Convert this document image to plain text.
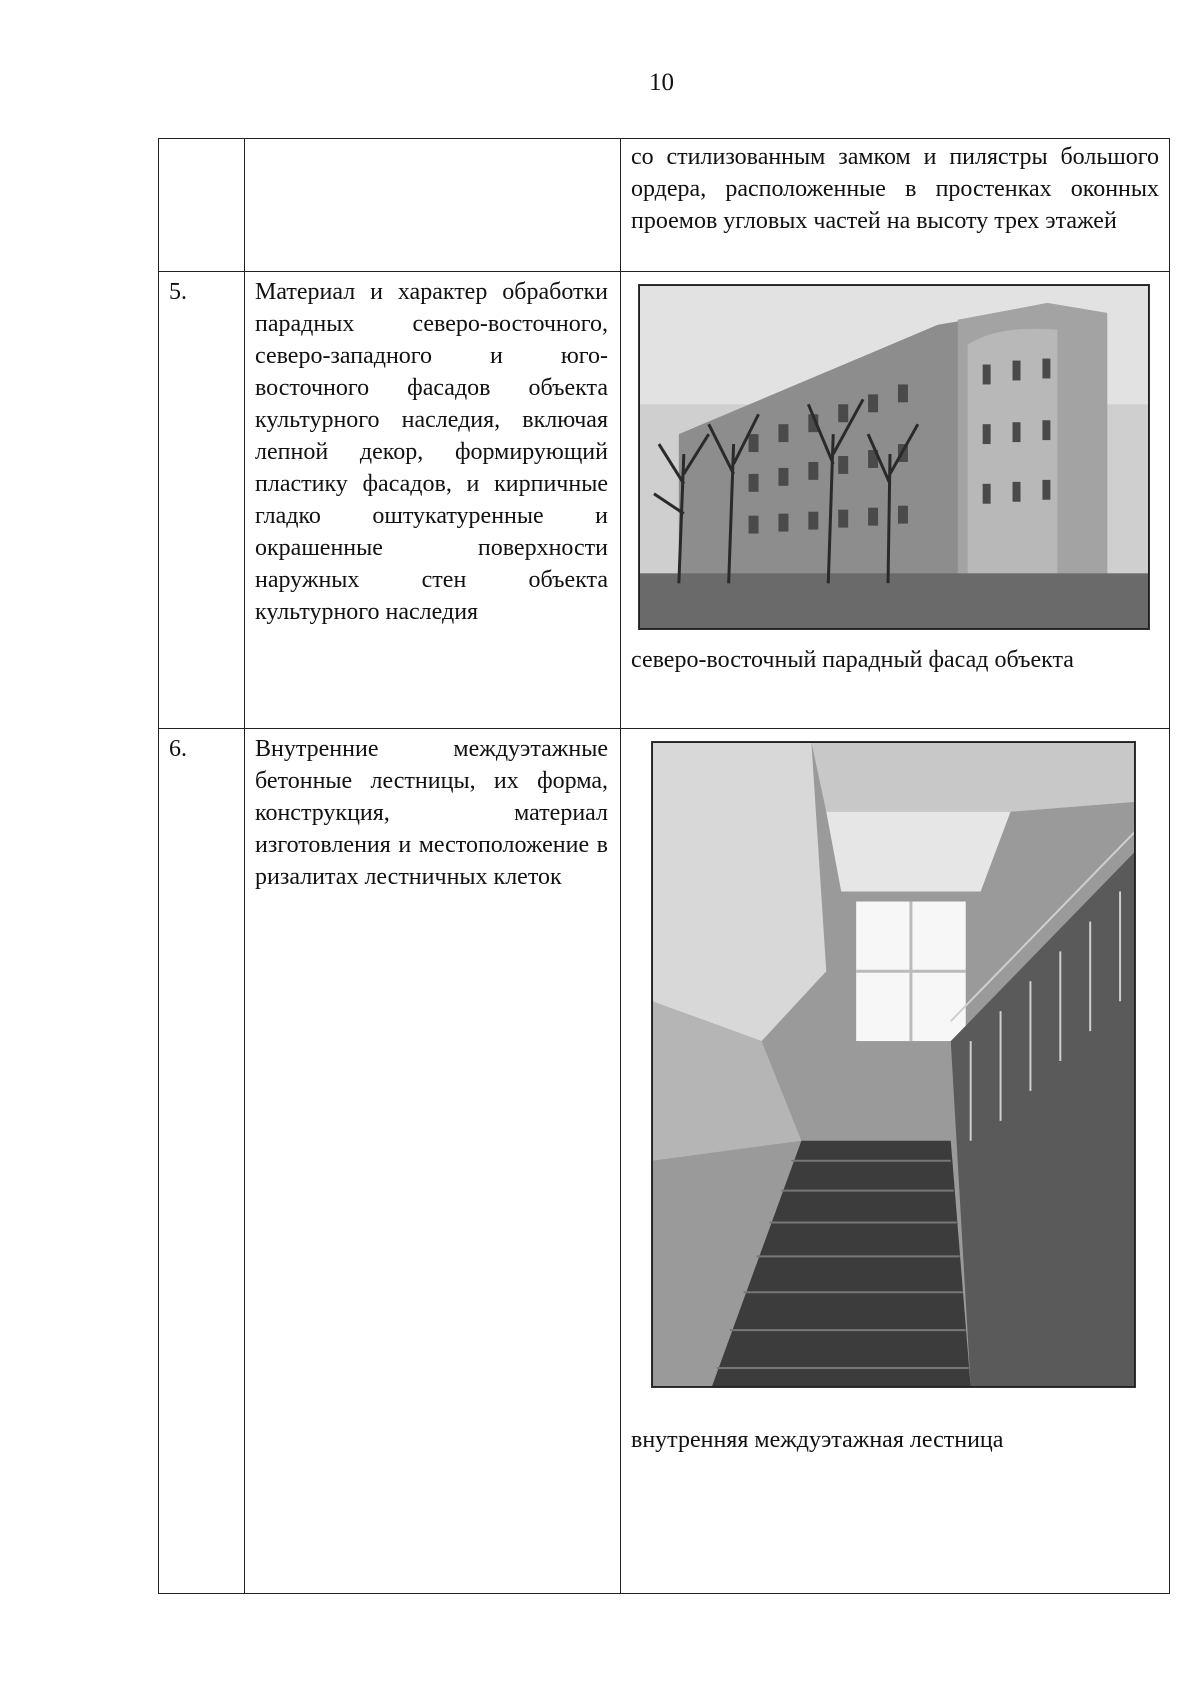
10

		со стилизованным замком и пилястры большого ордера, расположенные в простенках оконных проемов угловых частей на высоту трех этажей

5.	Материал и характер обработки парадных северо-восточного, северо-западного и юго-восточного фасадов объекта культурного наследия, включая лепной декор, формирующий пластику фасадов, и кирпичные гладко оштукатуренные и окрашенные поверхности наружных стен объекта культурного наследия	северо-восточный парадный фасад объекта

6.	Внутренние междуэтажные бетонные лестницы, их форма, конструкция, материал изготовления и местоположение в ризалитах лестничных клеток	внутренняя междуэтажная лестница
